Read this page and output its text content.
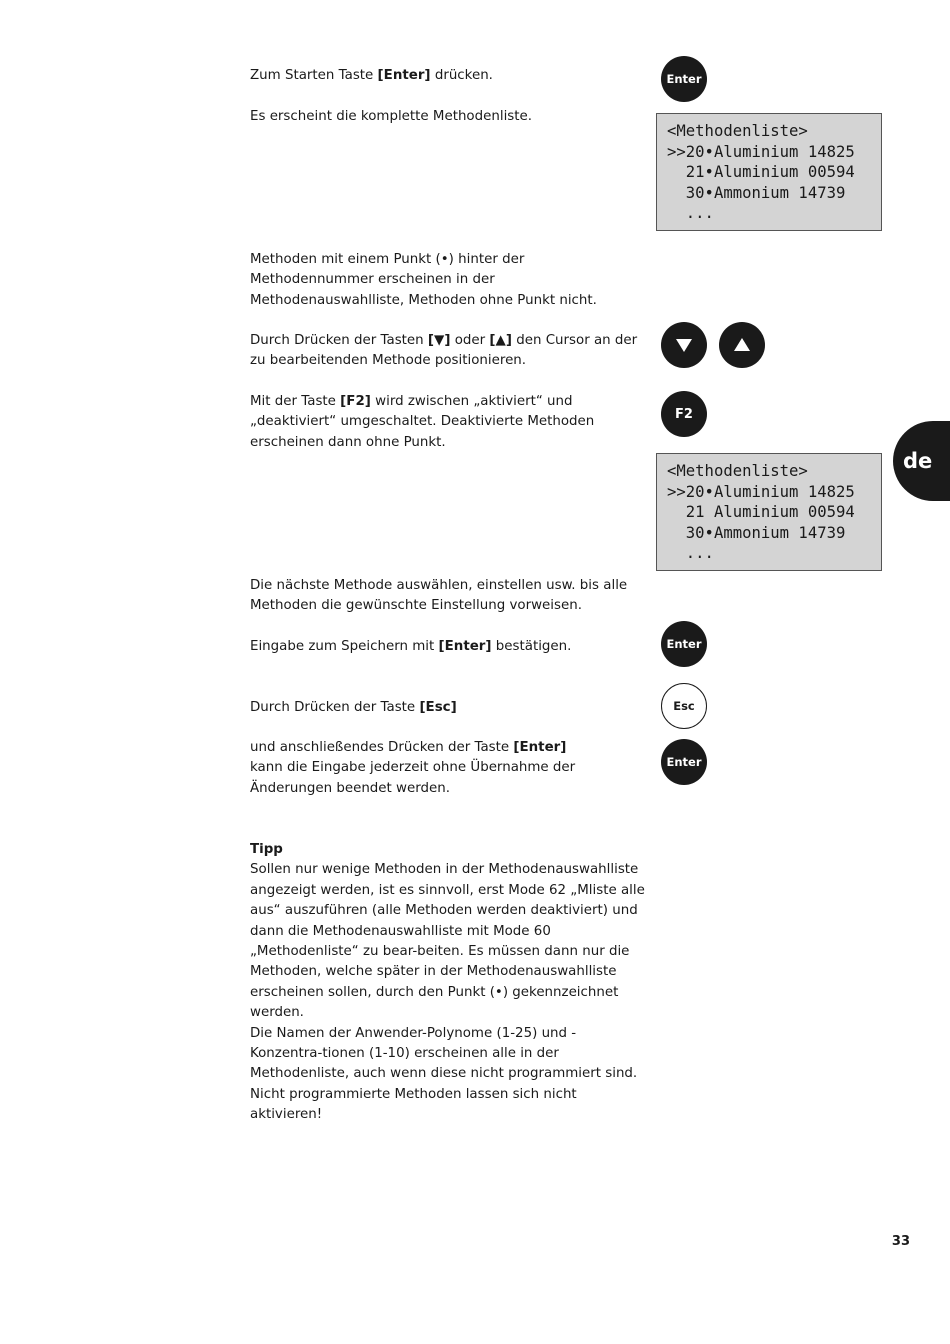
Zum Starten Taste [Enter] drücken.

Es erscheint die komplette Methodenliste.

Methoden mit einem Punkt (•) hinter der Methodennummer erscheinen in der Methodenauswahlliste, Methoden ohne Punkt nicht.

Durch Drücken der Tasten [▼] oder [▲] den Cursor an der zu bearbeitenden Methode positionieren.

Mit der Taste [F2] wird zwischen „aktiviert“ und „deaktiviert“ umgeschaltet. Deaktivierte Methoden erscheinen dann ohne Punkt.

Die nächste Methode auswählen, einstellen usw. bis alle Methoden die gewünschte Einstellung vorweisen.

Eingabe zum Speichern mit [Enter] bestätigen.

Durch Drücken der Taste [Esc]

und anschließendes Drücken der Taste [Enter]
kann die Eingabe jederzeit ohne Übernahme der Änderungen beendet werden.

Tipp
Sollen nur wenige Methoden in der Methodenauswahlliste angezeigt werden, ist es sinnvoll, erst Mode 62 „Mliste alle aus“ auszuführen (alle Methoden werden deaktiviert) und dann die Methodenauswahlliste mit Mode 60 „Methodenliste“ zu bear-beiten. Es müssen dann nur die Methoden, welche später in der Methodenauswahlliste erscheinen sollen, durch den Punkt (•) gekennzeichnet werden.
Die Namen der Anwender-Polynome (1-25) und -Konzentra-tionen (1-10) erscheinen alle in der Methodenliste, auch wenn diese nicht programmiert sind. Nicht programmierte Methoden lassen sich nicht aktivieren!
Enter
F2
Enter
Esc
Enter
<Methodenliste>
>>20•Aluminium 14825
21•Aluminium 00594
30•Ammonium 14739
...
<Methodenliste>
>>20•Aluminium 14825
21 Aluminium 00594
30•Ammonium 14739
...
de
33
